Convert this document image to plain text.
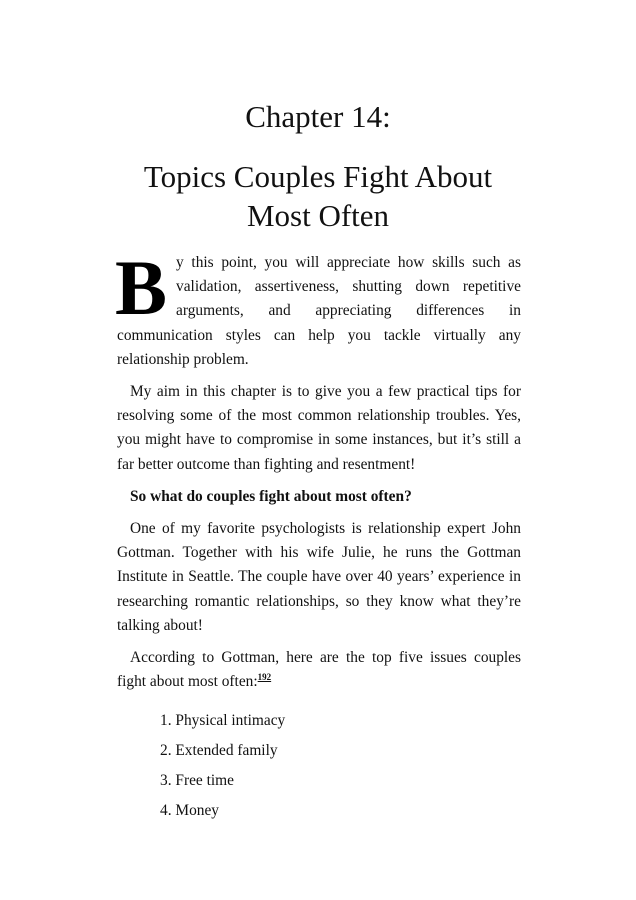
Chapter 14:
Topics Couples Fight About Most Often

By this point, you will appreciate how skills such as validation, assertiveness, shutting down repetitive arguments, and appreciating differences in communication styles can help you tackle virtually any relationship problem.

My aim in this chapter is to give you a few practical tips for resolving some of the most common relationship troubles. Yes, you might have to compromise in some instances, but it’s still a far better outcome than fighting and resentment!

So what do couples fight about most often?

One of my favorite psychologists is relationship expert John Gottman. Together with his wife Julie, he runs the Gottman Institute in Seattle. The couple have over 40 years’ experience in researching romantic relationships, so they know what they’re talking about!

According to Gottman, here are the top five issues couples fight about most often:$^{192}$

1. Physical intimacy
2. Extended family
3. Free time
4. Money
